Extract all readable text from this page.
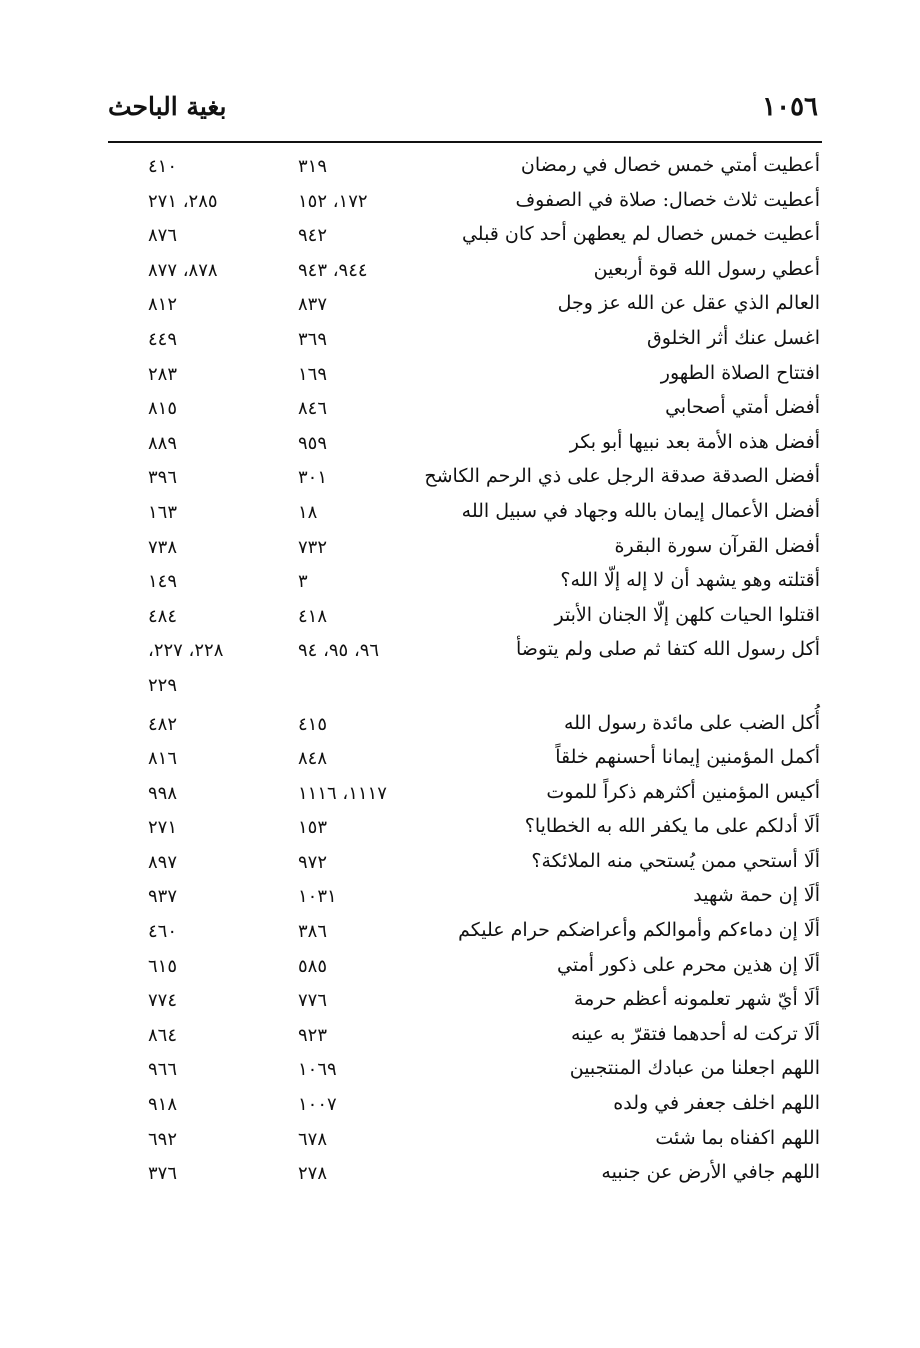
١٠٥٦
بغية الباحث
أعطيت أمتي خمس خصال في رمضان
٣١٩
٤١٠
أعطيت ثلاث خصال: صلاة في الصفوف
١٧٢، ١٥٢
٢٨٥، ٢٧١
أعطيت خمس خصال لم يعطهن أحد كان قبلي
٩٤٢
٨٧٦
أعطي رسول الله قوة أربعين
٩٤٤، ٩٤٣
٨٧٨، ٨٧٧
العالم الذي عقل عن الله عز وجل
٨٣٧
٨١٢
اغسل عنك أثر الخلوق
٣٦٩
٤٤٩
افتتاح الصلاة الطهور
١٦٩
٢٨٣
أفضل أمتي أصحابي
٨٤٦
٨١٥
أفضل هذه الأمة بعد نبيها أبو بكر
٩٥٩
٨٨٩
أفضل الصدقة صدقة الرجل على ذي الرحم الكاشح
٣٠١
٣٩٦
أفضل الأعمال إيمان بالله وجهاد في سبيل الله
١٨
١٦٣
أفضل القرآن سورة البقرة
٧٣٢
٧٣٨
أقتلته وهو يشهد أن لا إله إلّا الله؟
٣
١٤٩
اقتلوا الحيات كلهن إلّا الجنان الأبتر
٤١٨
٤٨٤
أكل رسول الله كتفا ثم صلى ولم يتوضأ
٩٦، ٩٥، ٩٤
٢٢٨، ٢٢٧،
٢٢٩
أُكل الضب على مائدة رسول الله
٤١٥
٤٨٢
أكمل المؤمنين إيمانا أحسنهم خلقاً
٨٤٨
٨١٦
أكيس المؤمنين أكثرهم ذكراً للموت
١١١٧، ١١١٦
٩٩٨
ألَا أدلكم على ما يكفر الله به الخطايا؟
١٥٣
٢٧١
ألَا أستحي ممن يُستحي منه الملائكة؟
٩٧٢
٨٩٧
ألَا إن حمة شهيد
١٠٣١
٩٣٧
ألَا إن دماءكم وأموالكم وأعراضكم حرام عليكم
٣٨٦
٤٦٠
ألَا إن هذين محرم على ذكور أمتي
٥٨٥
٦١٥
ألَا أيّ شهر تعلمونه أعظم حرمة
٧٧٦
٧٧٤
ألَا تركت له أحدهما فتقرّ به عينه
٩٢٣
٨٦٤
اللهم اجعلنا من عبادك المنتجبين
١٠٦٩
٩٦٦
اللهم اخلف جعفر في ولده
١٠٠٧
٩١٨
اللهم اكفناه بما شئت
٦٧٨
٦٩٢
اللهم جافي الأرض عن جنبيه
٢٧٨
٣٧٦
